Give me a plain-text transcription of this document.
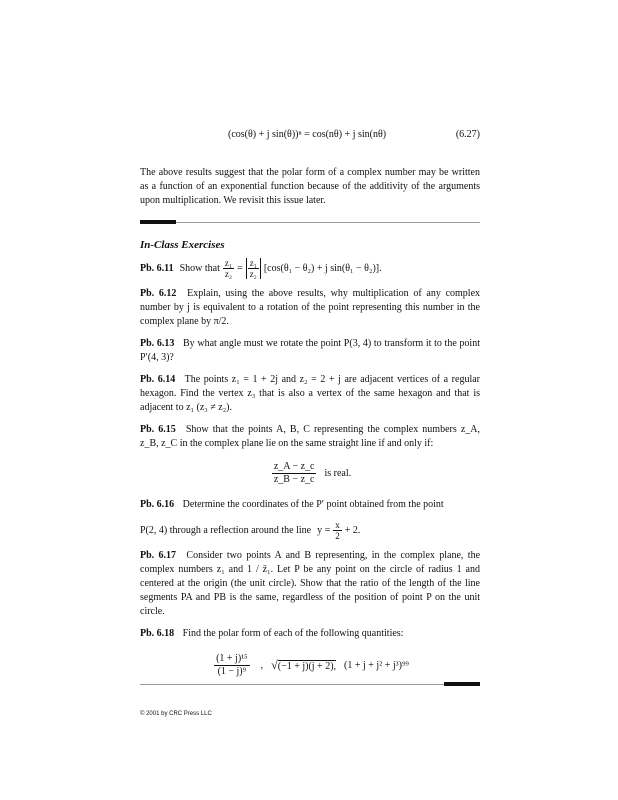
(cos(θ) + j sin(θ))ⁿ = cos(nθ) + j sin(nθ)	(6.27)
The above results suggest that the polar form of a complex number may be written as a function of an exponential function because of the additivity of the arguments upon multiplication. We revisit this issue later.
In-Class Exercises
Pb. 6.11 Show that $\frac{\text{z₁}}{\text{z₂}} = \frac{\text{z₁}}{\text{z₂}} [\cos(\theta_1 - \theta_2) + j$ sin(θ₁ − θ₂)].
Pb. 6.12 Explain, using the above results, why multiplication of any complex number by j is equivalent to a rotation of the point representing this number in the complex plane by π/2.
Pb. 6.13 By what angle must we rotate the point P(3, 4) to transform it to the point P′(4, 3)?
Pb. 6.14 The points z₁ = 1 + 2j and z₂ = 2 + j are adjacent vertices of a regular hexagon. Find the vertex z₃ that is also a vertex of the same hexagon and that is adjacent to z₁ (z₃ ≠ z₂).
Pb. 6.15 Show that the points A, B, C representing the complex numbers z_A, z_B, z_C in the complex plane lie on the same straight line if and only if:
$\frac{z\_A - z\_c}{z\_B - z\_c}$ is real.
Pb. 6.16 Determine the coordinates of the P′ point obtained from the point
P(2, 4) through a reflection around the line $y = \frac{x}{2} + 2$.
Pb. 6.17 Consider two points A and B representing, in the complex plane, the complex numbers z₁ and 1 / z̄₁. Let P be any point on the circle of radius 1 and centered at the origin (the unit circle). Show that the ratio of the length of the line segments PA and PB is the same, regardless of the position of point P on the unit circle.
Pb. 6.18 Find the polar form of each of the following quantities:
$\frac{\text{(1 + j)¹⁵}}{\text{(1 − j)⁹}}$ , √(−1 + j)(j + 2), (1 + j + j² + j³)⁹⁹
© 2001 by CRC Press LLC
